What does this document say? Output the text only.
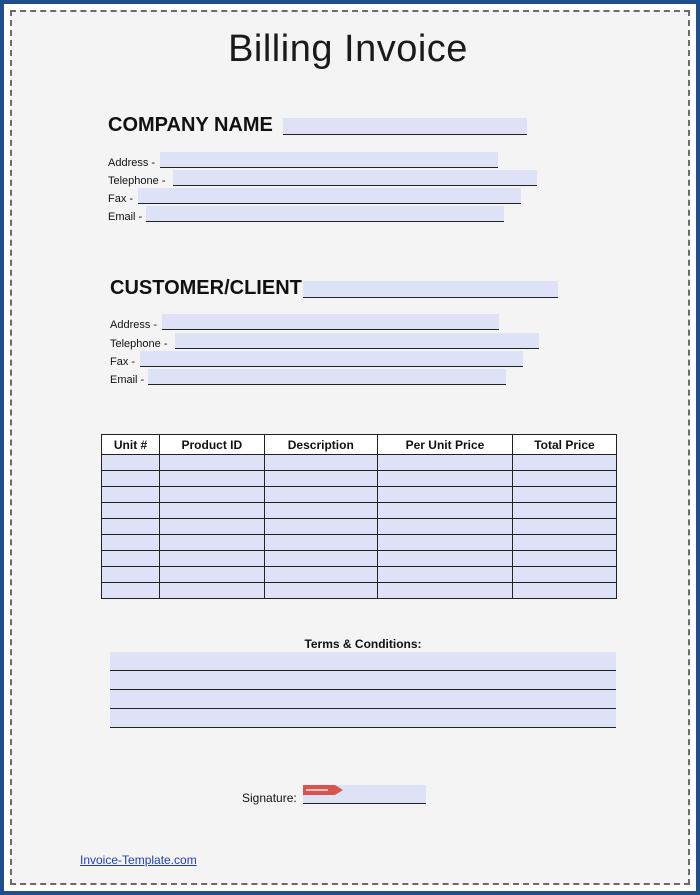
Billing Invoice
COMPANY NAME
Address -
Telephone -
Fax -
Email -
CUSTOMER/CLIENT
Address -
Telephone -
Fax -
Email -
Unit #	Product ID	Description	Per Unit Price	Total Price

Terms & Conditions:
Signature:
Invoice-Template.com
